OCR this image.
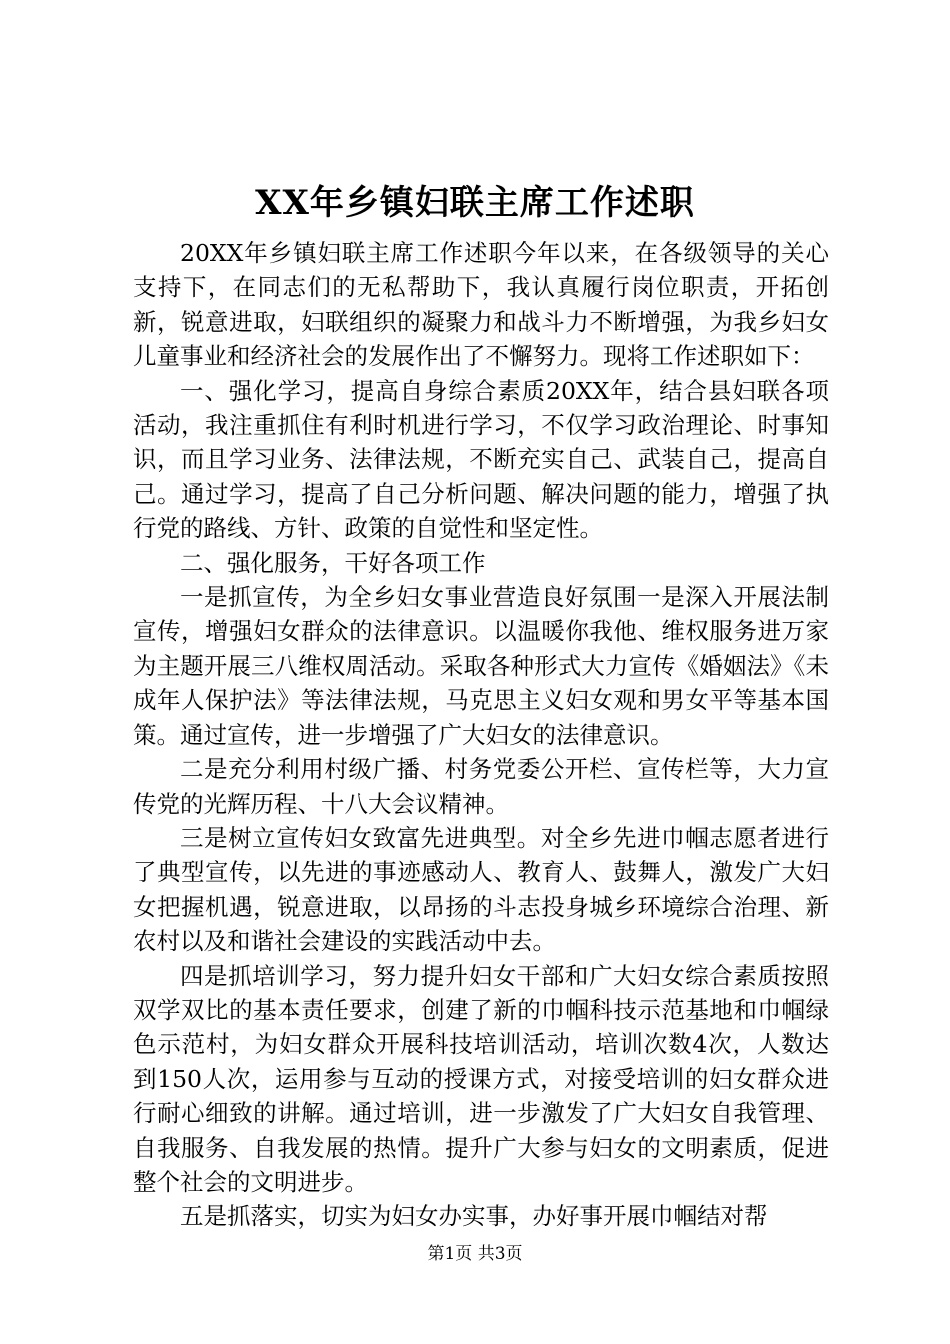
XX年乡镇妇联主席工作述职

20XX年乡镇妇联主席工作述职今年以来，在各级领导的关心支持下，在同志们的无私帮助下，我认真履行岗位职责，开拓创新，锐意进取，妇联组织的凝聚力和战斗力不断增强，为我乡妇女儿童事业和经济社会的发展作出了不懈努力。现将工作述职如下：

一、强化学习，提高自身综合素质20XX年，结合县妇联各项活动，我注重抓住有利时机进行学习，不仅学习政治理论、时事知识，而且学习业务、法律法规，不断充实自己、武装自己，提高自己。通过学习，提高了自己分析问题、解决问题的能力，增强了执行党的路线、方针、政策的自觉性和坚定性。

二、强化服务，干好各项工作

一是抓宣传，为全乡妇女事业营造良好氛围一是深入开展法制宣传，增强妇女群众的法律意识。以温暖你我他、维权服务进万家为主题开展三八维权周活动。采取各种形式大力宣传《婚姻法》《未成年人保护法》等法律法规，马克思主义妇女观和男女平等基本国策。通过宣传，进一步增强了广大妇女的法律意识。

二是充分利用村级广播、村务党委公开栏、宣传栏等，大力宣传党的光辉历程、十八大会议精神。

三是树立宣传妇女致富先进典型。对全乡先进巾帼志愿者进行了典型宣传，以先进的事迹感动人、教育人、鼓舞人，激发广大妇女把握机遇，锐意进取，以昂扬的斗志投身城乡环境综合治理、新农村以及和谐社会建设的实践活动中去。

四是抓培训学习，努力提升妇女干部和广大妇女综合素质按照双学双比的基本责任要求，创建了新的巾帼科技示范基地和巾帼绿色示范村，为妇女群众开展科技培训活动，培训次数4次，人数达到150人次，运用参与互动的授课方式，对接受培训的妇女群众进行耐心细致的讲解。通过培训，进一步激发了广大妇女自我管理、自我服务、自我发展的热情。提升广大参与妇女的文明素质，促进整个社会的文明进步。

五是抓落实，切实为妇女办实事，办好事开展巾帼结对帮

第1页 共3页
